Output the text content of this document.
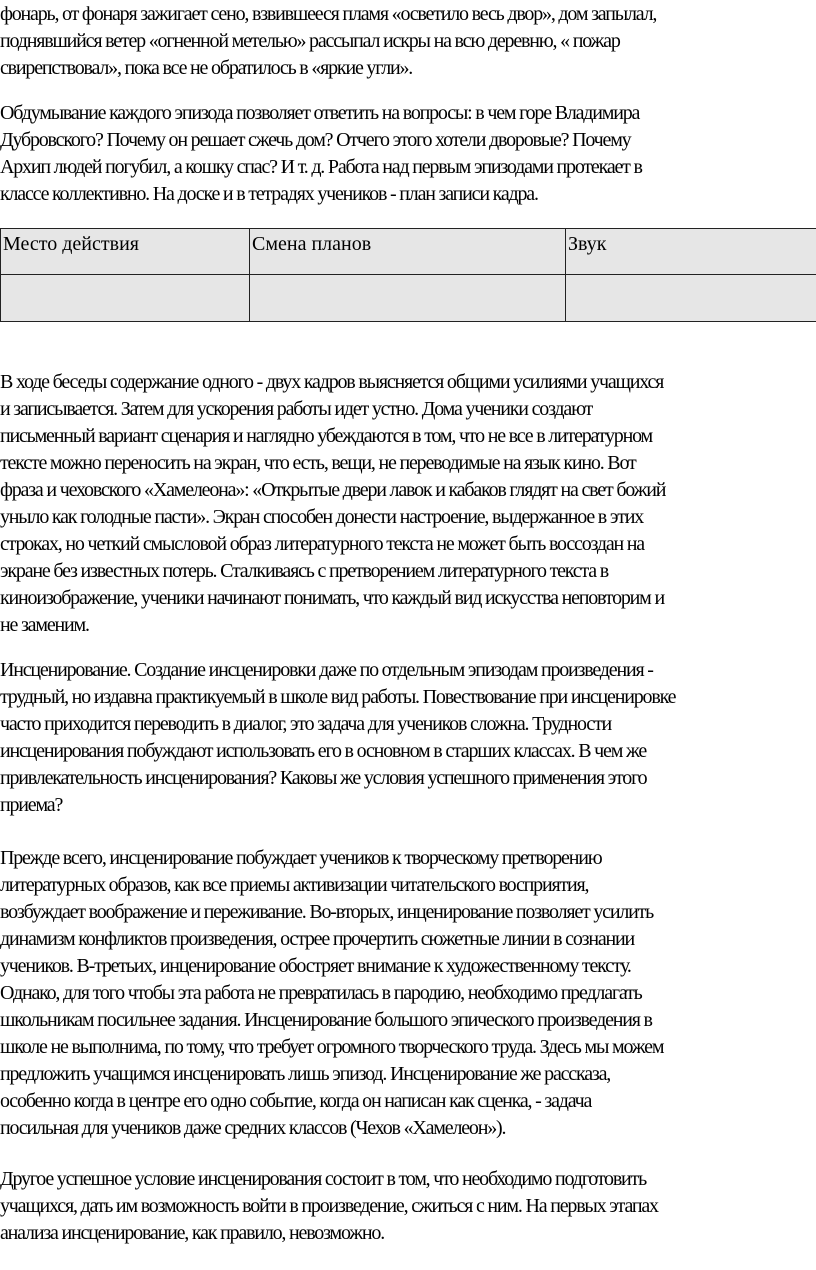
фонарь, от фонаря зажигает сено, взвившееся пламя «осветило весь двор», дом запылал,
поднявшийся ветер «огненной метелью» рассыпал искры на всю деревню, « пожар
свирепствовал», пока все не обратилось в «яркие угли».

Обдумывание каждого эпизода позволяет ответить на вопросы: в чем горе Владимира
Дубровского? Почему он решает сжечь дом? Отчего этого хотели дворовые? Почему
Архип людей погубил, а кошку спас? И т. д. Работа над первым эпизодами протекает в
классе коллективно. На доске и в тетрадях учеников - план записи кадра.

Место действия	Смена планов	Звук

В ходе беседы содержание одного - двух кадров выясняется общими усилиями учащихся
и записывается. Затем для ускорения работы идет устно. Дома ученики создают
письменный вариант сценария и наглядно убеждаются в том, что не все в литературном
тексте можно переносить на экран, что есть, вещи, не переводимые на язык кино. Вот
фраза и чеховского «Хамелеона»: «Открытые двери лавок и кабаков глядят на свет божий
уныло как голодные пасти». Экран способен донести настроение, выдержанное в этих
строках, но четкий смысловой образ литературного текста не может быть воссоздан на
экране без известных потерь. Сталкиваясь с претворением литературного текста в
киноизображение, ученики начинают понимать, что каждый вид искусства неповторим и
не заменим.

Инсценирование. Создание инсценировки даже по отдельным эпизодам произведения -
трудный, но издавна практикуемый в школе вид работы. Повествование при инсценировке
часто приходится переводить в диалог, это задача для учеников сложна. Трудности
инсценирования побуждают использовать его в основном в старших классах. В чем же
привлекательность инсценирования? Каковы же условия успешного применения этого
приема?

Прежде всего, инсценирование побуждает учеников к творческому претворению
литературных образов, как все приемы активизации читательского восприятия,
возбуждает воображение и переживание. Во-вторых, инценирование позволяет усилить
динамизм конфликтов произведения, острее прочертить сюжетные линии в сознании
учеников. В-третьих, инценирование обостряет внимание к художественному тексту.
Однако, для того чтобы эта работа не превратилась в пародию, необходимо предлагать
школьникам посильнее задания. Инсценирование большого эпического произведения в
школе не выполнима, по тому, что требует огромного творческого труда. Здесь мы можем
предложить учащимся инсценировать лишь эпизод. Инсценирование же рассказа,
особенно когда в центре его одно событие, когда он написан как сценка, - задача
посильная для учеников даже средних классов (Чехов «Хамелеон»).

Другое успешное условие инсценирования состоит в том, что необходимо подготовить
учащихся, дать им возможность войти в произведение, сжиться с ним. На первых этапах
анализа инсценирование, как правило, невозможно.
